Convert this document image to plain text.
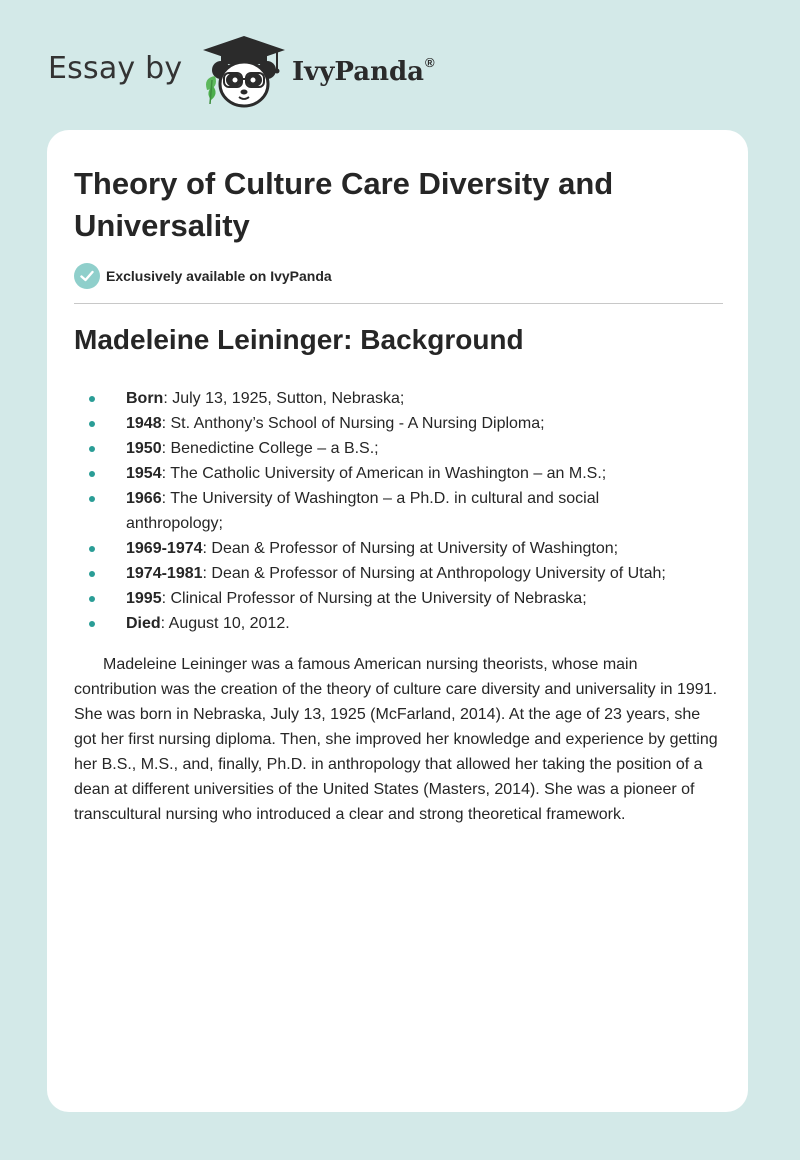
Essay by	IvyPanda®
Theory of Culture Care Diversity and Universality
Exclusively available on IvyPanda
Madeleine Leininger: Background
Born: July 13, 1925, Sutton, Nebraska;
1948: St. Anthony’s School of Nursing - A Nursing Diploma;
1950: Benedictine College – a B.S.;
1954: The Catholic University of American in Washington – an M.S.;
1966: The University of Washington – a Ph.D. in cultural and social anthropology;
1969-1974: Dean & Professor of Nursing at University of Washington;
1974-1981: Dean & Professor of Nursing at Anthropology University of Utah;
1995: Clinical Professor of Nursing at the University of Nebraska;
Died: August 10, 2012.

Madeleine Leininger was a famous American nursing theorists, whose main contribution was the creation of the theory of culture care diversity and universality in 1991. She was born in Nebraska, July 13, 1925 (McFarland, 2014). At the age of 23 years, she got her first nursing diploma. Then, she improved her knowledge and experience by getting her B.S., M.S., and, finally, Ph.D. in anthropology that allowed her taking the position of a dean at different universities of the United States (Masters, 2014). She was a pioneer of transcultural nursing who introduced a clear and strong theoretical framework.
